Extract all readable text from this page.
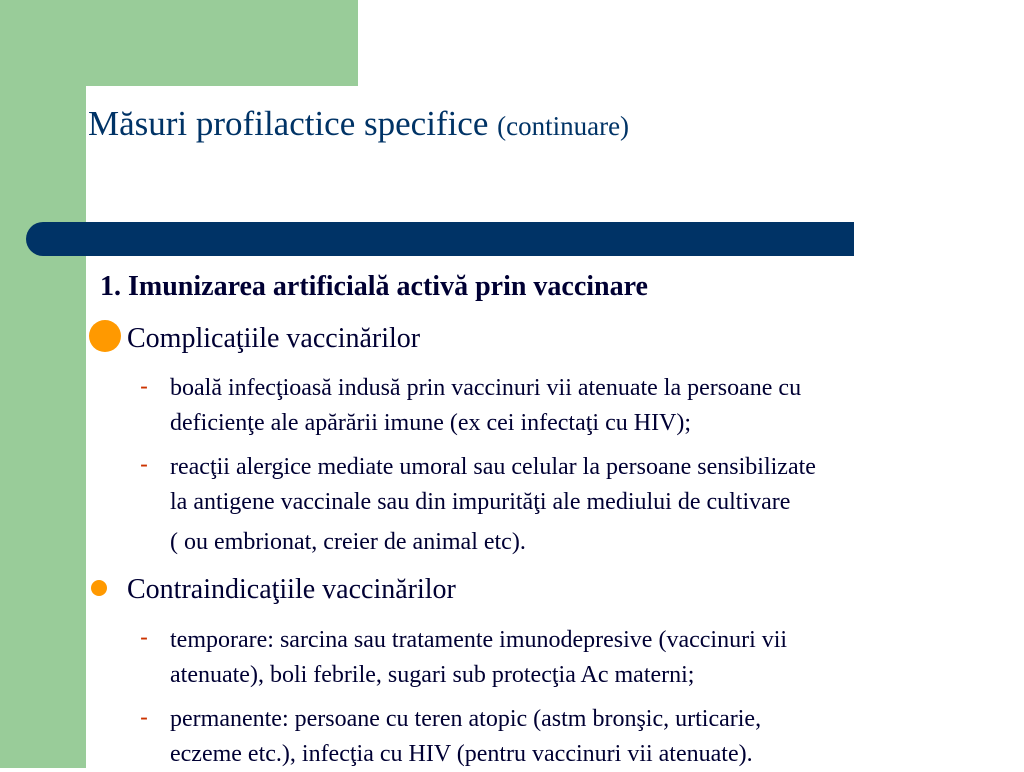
Măsuri profilactice specifice (continuare)
1. Imunizarea artificială activă prin vaccinare
Complicaţiile vaccinărilor
- boală infecţioasă indusă prin vaccinuri vii atenuate la persoane cu
deficienţe ale apărării imune (ex cei infectaţi cu HIV);
- reacţii alergice mediate umoral sau celular la persoane sensibilizate
la antigene vaccinale sau din impurităţi ale mediului de cultivare
( ou embrionat, creier de animal etc).
Contraindicaţiile vaccinărilor
- temporare: sarcina sau tratamente imunodepresive (vaccinuri vii
atenuate), boli febrile, sugari sub protecţia Ac materni;
- permanente: persoane cu teren atopic (astm bronşic, urticarie,
eczeme etc.), infecţia cu HIV (pentru vaccinuri vii atenuate).
